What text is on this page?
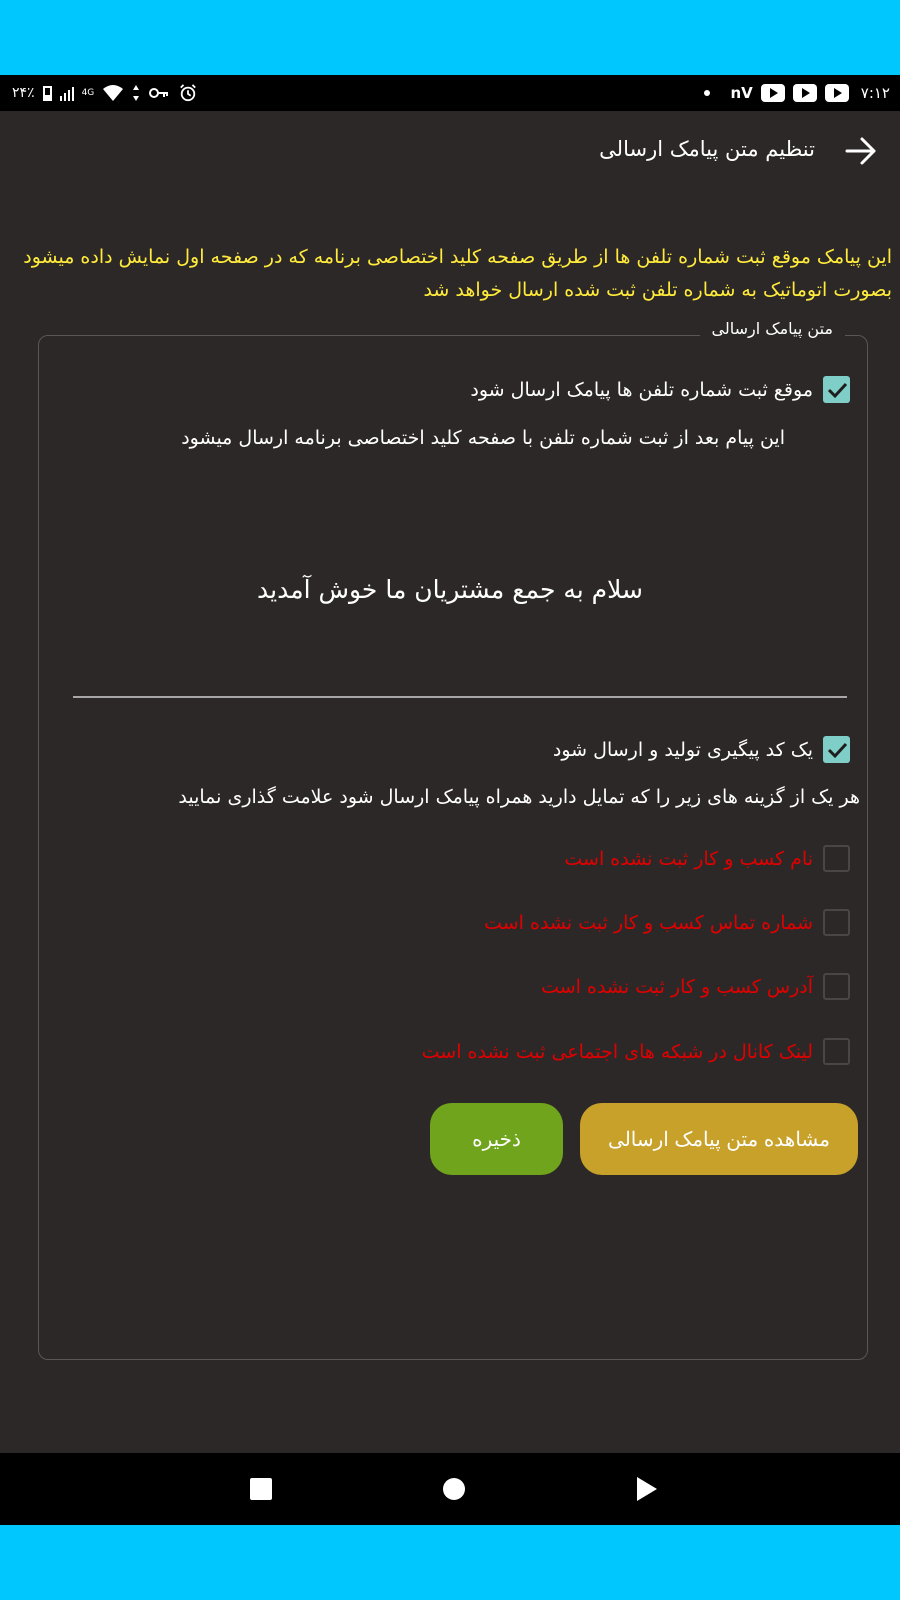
۲۴٪	4G	nV	۷:۱۲
تنظیم متن پیامک ارسالی
این پیامک موقع ثبت شماره تلفن ها از طریق صفحه کلید اختصاصی برنامه که در صفحه اول نمایش داده میشود بصورت اتوماتیک به شماره تلفن ثبت شده ارسال خواهد شد
متن پیامک ارسالی
موقع ثبت شماره تلفن ها پیامک ارسال شود
این پیام بعد از ثبت شماره تلفن با صفحه کلید اختصاصی برنامه ارسال میشود
سلام به جمع مشتریان ما خوش آمدید
یک کد پیگیری تولید و ارسال شود
هر یک از گزینه های زیر را که تمایل دارید همراه پیامک ارسال شود علامت گذاری نمایید
نام کسب و کار ثبت نشده است
شماره تماس کسب و کار ثبت نشده است
آدرس کسب و کار ثبت نشده است
لینک کانال در شبکه های اجتماعی ثبت نشده است
مشاهده متن پیامک ارسالی
ذخیره
